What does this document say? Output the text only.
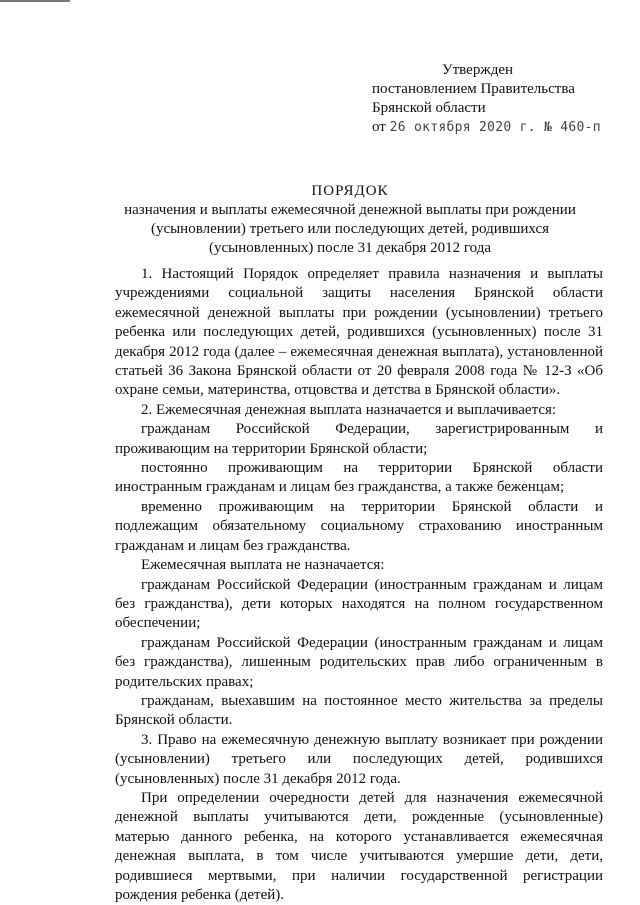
Утвержден
постановлением Правительства
Брянской области
от 26 октября 2020 г. № 460-п
ПОРЯДОК
назначения и выплаты ежемесячной денежной выплаты при рождении
(усыновлении) третьего или последующих детей, родившихся
(усыновленных) после 31 декабря 2012 года

1. Настоящий Порядок определяет правила назначения и выплаты учреждениями социальной защиты населения Брянской области ежемесячной денежной выплаты при рождении (усыновлении) третьего ребенка или последующих детей, родившихся (усыновленных) после 31 декабря 2012 года (далее – ежемесячная денежная выплата), установленной статьей 36 Закона Брянской области от 20 февраля 2008 года № 12-З «Об охране семьи, материнства, отцовства и детства в Брянской области».

2. Ежемесячная денежная выплата назначается и выплачивается:

гражданам Российской Федерации, зарегистрированным и проживающим на территории Брянской области;

постоянно проживающим на территории Брянской области иностранным гражданам и лицам без гражданства, а также беженцам;

временно проживающим на территории Брянской области и подлежащим обязательному социальному страхованию иностранным гражданам и лицам без гражданства.

Ежемесячная выплата не назначается:

гражданам Российской Федерации (иностранным гражданам и лицам без гражданства), дети которых находятся на полном государственном обеспечении;

гражданам Российской Федерации (иностранным гражданам и лицам без гражданства), лишенным родительских прав либо ограниченным в родительских правах;

гражданам, выехавшим на постоянное место жительства за пределы Брянской области.

3. Право на ежемесячную денежную выплату возникает при рождении (усыновлении) третьего или последующих детей, родившихся (усыновленных) после 31 декабря 2012 года.

При определении очередности детей для назначения ежемесячной денежной выплаты учитываются дети, рожденные (усыновленные) матерью данного ребенка, на которого устанавливается ежемесячная денежная выплата, в том числе учитываются умершие дети, дети, родившиеся мертвыми, при наличии государственной регистрации рождения ребенка (детей).
